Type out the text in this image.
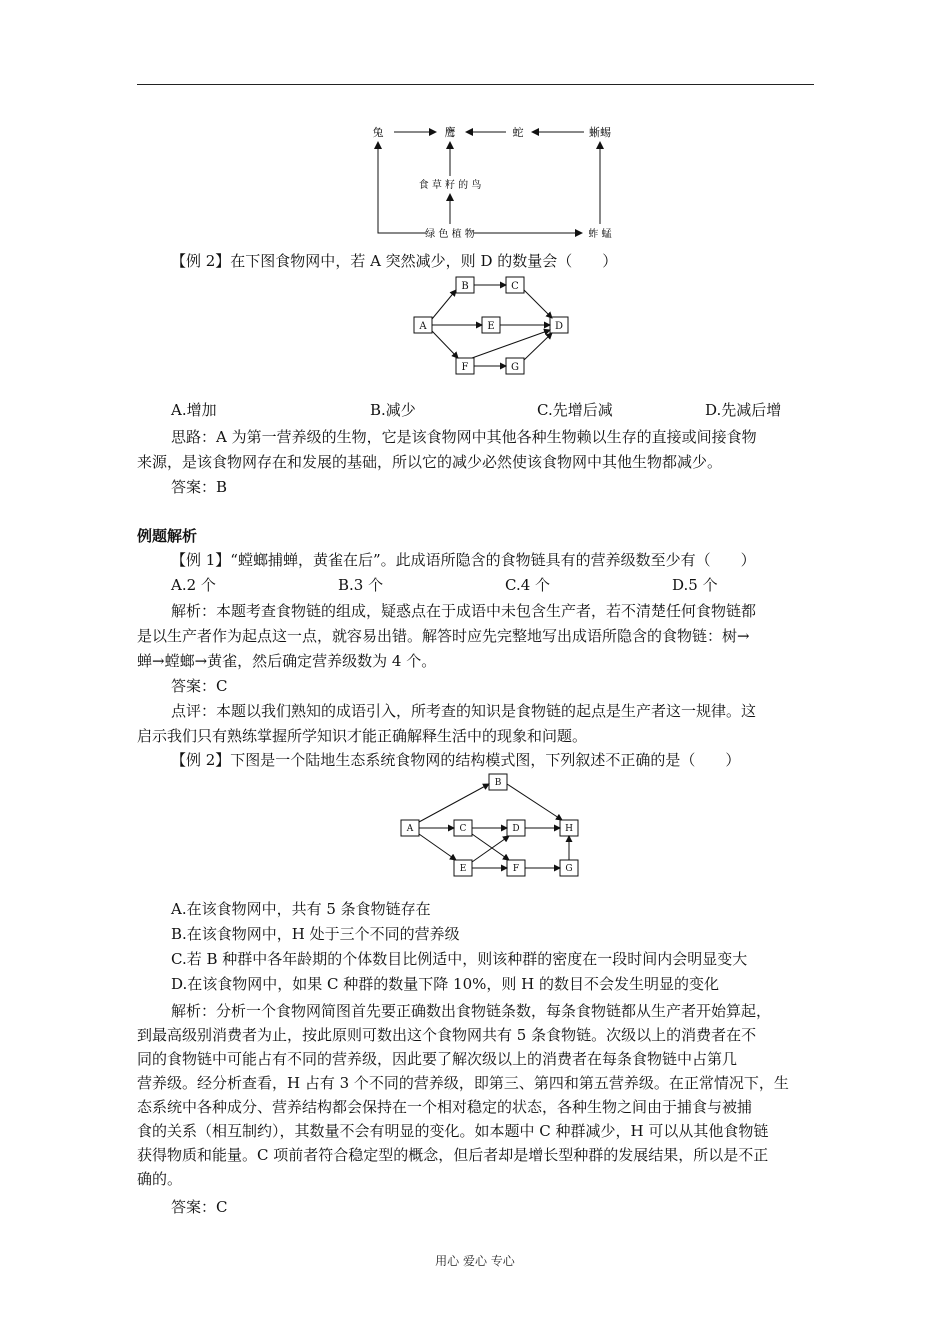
兔	鹰	蛇	蜥蜴
食 草 籽 的 鸟
绿 色 植 物	蚱 蜢
【例 2】在下图食物网中，若 A 突然减少，则 D 的数量会（　　）
A
B	C
E	D
F	G
A.增加	B.减少	C.先增后减	D.先减后增
思路：A 为第一营养级的生物，它是该食物网中其他各种生物赖以生存的直接或间接食物
来源，是该食物网存在和发展的基础，所以它的减少必然使该食物网中其他生物都减少。
答案：B
例题解析
【例 1】“螳螂捕蝉，黄雀在后”。此成语所隐含的食物链具有的营养级数至少有（　　）
A.2 个	B.3 个	C.4 个	D.5 个
解析：本题考查食物链的组成，疑惑点在于成语中未包含生产者，若不清楚任何食物链都
是以生产者作为起点这一点，就容易出错。解答时应先完整地写出成语所隐含的食物链：树→
蝉→螳螂→黄雀，然后确定营养级数为 4 个。
答案：C
点评：本题以我们熟知的成语引入，所考查的知识是食物链的起点是生产者这一规律。这
启示我们只有熟练掌握所学知识才能正确解释生活中的现象和问题。
【例 2】下图是一个陆地生态系统食物网的结构模式图，下列叙述不正确的是（　　）
A
B
C	D	H
E	F	G
A.在该食物网中，共有 5 条食物链存在
B.在该食物网中，H 处于三个不同的营养级
C.若 B 种群中各年龄期的个体数目比例适中，则该种群的密度在一段时间内会明显变大
D.在该食物网中，如果 C 种群的数量下降 10%，则 H 的数目不会发生明显的变化
解析：分析一个食物网简图首先要正确数出食物链条数，每条食物链都从生产者开始算起，
到最高级别消费者为止，按此原则可数出这个食物网共有 5 条食物链。次级以上的消费者在不
同的食物链中可能占有不同的营养级，因此要了解次级以上的消费者在每条食物链中占第几
营养级。经分析查看，H 占有 3 个不同的营养级，即第三、第四和第五营养级。在正常情况下，生
态系统中各种成分、营养结构都会保持在一个相对稳定的状态，各种生物之间由于捕食与被捕
食的关系（相互制约），其数量不会有明显的变化。如本题中 C 种群减少，H 可以从其他食物链
获得物质和能量。C 项前者符合稳定型的概念，但后者却是增长型种群的发展结果，所以是不正
确的。
答案：C
用心 爱心 专心
